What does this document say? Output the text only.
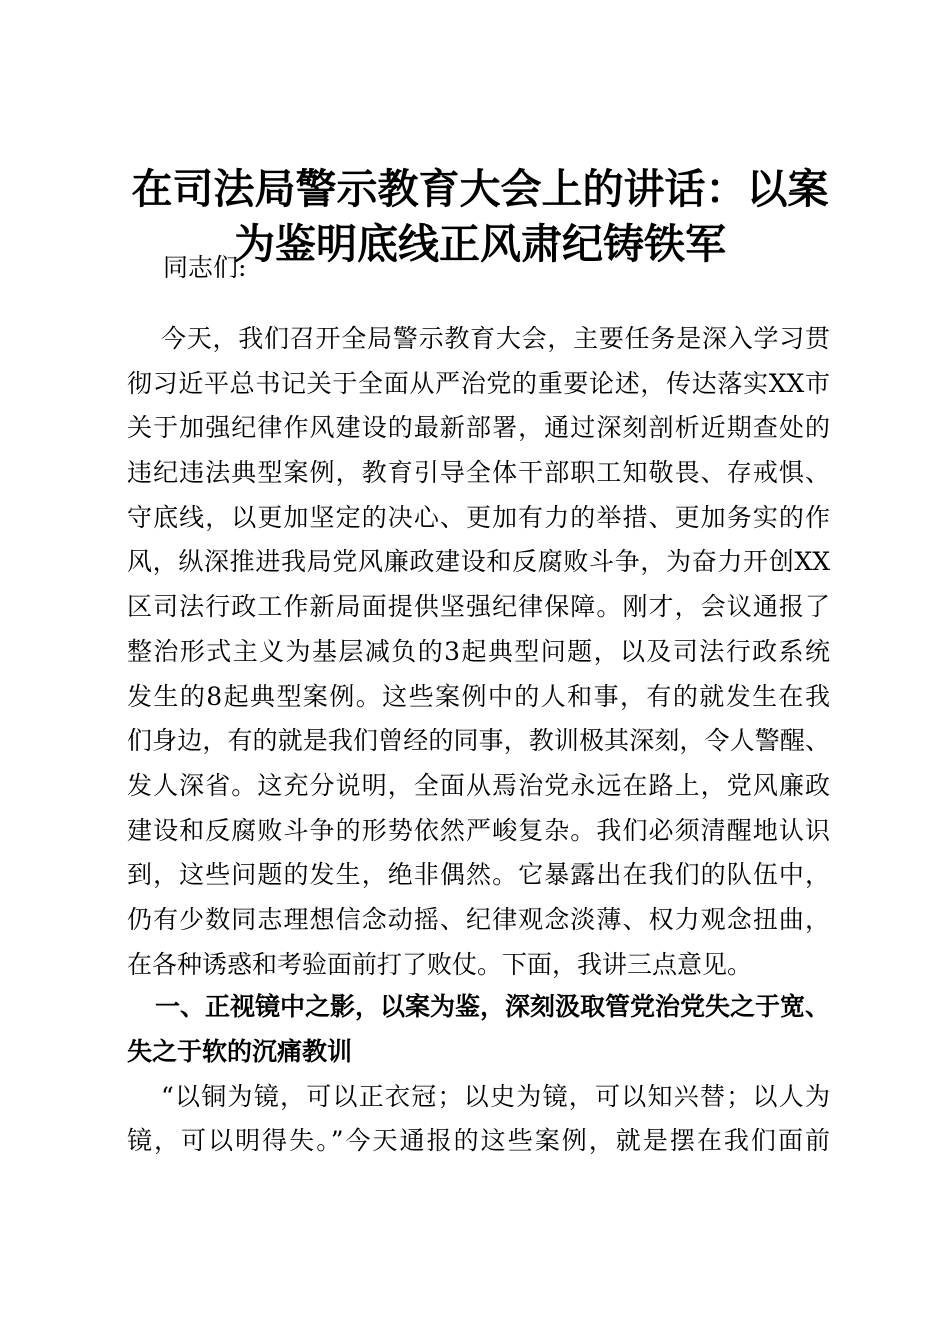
在司法局警示教育大会上的讲话：以案
为鉴明底线正风肃纪铸铁军
同志们:
今天，我们召开全局警示教育大会，主要任务是深入学习贯
彻习近平总书记关于全面从严治党的重要论述，传达落实XX市
关于加强纪律作风建设的最新部署，通过深刻剖析近期查处的
违纪违法典型案例，教育引导全体干部职工知敬畏、存戒惧、
守底线，以更加坚定的决心、更加有力的举措、更加务实的作
风，纵深推进我局党风廉政建设和反腐败斗争，为奋力开创XX
区司法行政工作新局面提供坚强纪律保障。刚才，会议通报了
整治形式主义为基层减负的3起典型问题，以及司法行政系统
发生的8起典型案例。这些案例中的人和事，有的就发生在我
们身边，有的就是我们曾经的同事，教训极其深刻，令人警醒、
发人深省。这充分说明，全面从焉治党永远在路上，党风廉政
建设和反腐败斗争的形势依然严峻复杂。我们必须清醒地认识
到，这些问题的发生，绝非偶然。它暴露出在我们的队伍中，
仍有少数同志理想信念动摇、纪律观念淡薄、权力观念扭曲，
在各种诱惑和考验面前打了败仗。下面，我讲三点意见。
一、正视镜中之影，以案为鉴，深刻汲取管党治党失之于宽、
失之于软的沉痛教训
“以铜为镜，可以正衣冠；以史为镜，可以知兴替；以人为
镜，可以明得失。”今天通报的这些案例，就是摆在我们面前
